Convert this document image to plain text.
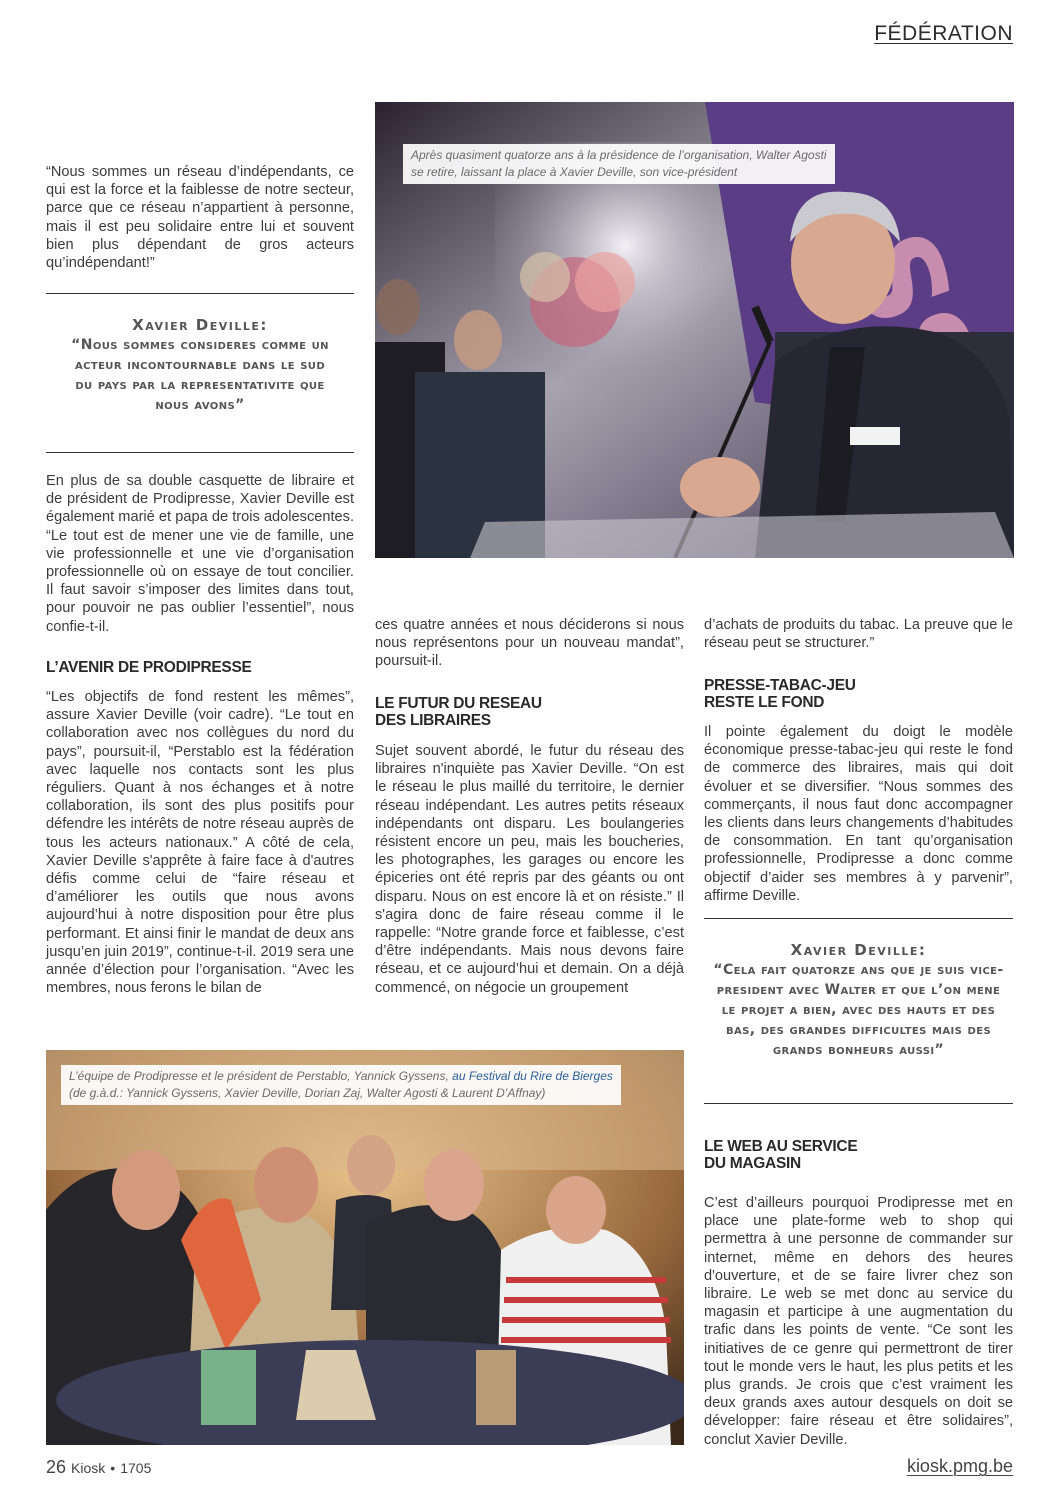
FÉDÉRATION

“Nous sommes un réseau d’indépendants, ce qui est la force et la faiblesse de notre secteur, parce que ce réseau n’appartient à personne, mais il est peu solidaire entre lui et souvent bien plus dépendant de gros acteurs qu’indépendant!”

Xavier Deville:
“Nous sommes consideres comme un acteur incontournable dans le sud du pays par la representativite que nous avons”

En plus de sa double casquette de libraire et de président de Prodipresse, Xavier Deville est également marié et papa de trois adolescentes. “Le tout est de mener une vie de famille, une vie professionnelle et une vie d’organisation professionnelle où on essaye de tout concilier. Il faut savoir s’imposer des limites dans tout, pour pouvoir ne pas oublier l’essentiel”, nous confie-t-il.

L’AVENIR DE PRODIPRESSE

“Les objectifs de fond restent les mêmes”, assure Xavier Deville (voir cadre). “Le tout en collaboration avec nos collègues du nord du pays”, poursuit-il, “Perstablo est la fédération avec laquelle nos contacts sont les plus réguliers. Quant à nos échanges et à notre collaboration, ils sont des plus positifs pour défendre les intérêts de notre réseau auprès de tous les acteurs nationaux.” A côté de cela, Xavier Deville s'apprête à faire face à d'autres défis comme celui de “faire réseau et d’améliorer les outils que nous avons aujourd’hui à notre disposition pour être plus performant. Et ainsi finir le mandat de deux ans jusqu’en juin 2019”, continue-t-il. 2019 sera une année d’élection pour l’organisation. “Avec les membres, nous ferons le bilan de

Après quasiment quatorze ans à la présidence de l’organisation, Walter Agosti
se retire, laissant la place à Xavier Deville, son vice-président

ces quatre années et nous déciderons si nous nous représentons pour un nouveau mandat”, poursuit-il.

LE FUTUR DU RESEAU
DES LIBRAIRES

Sujet souvent abordé, le futur du réseau des libraires n'inquiète pas Xavier Deville. “On est le réseau le plus maillé du territoire, le dernier réseau indépendant. Les autres petits réseaux indépendants ont disparu. Les boulangeries résistent encore un peu, mais les boucheries, les photographes, les garages ou encore les épiceries ont été repris par des géants ou ont disparu. Nous on est encore là et on résiste.” Il s'agira donc de faire réseau comme il le rappelle: “Notre grande force et faiblesse, c’est d’être indépendants. Mais nous devons faire réseau, et ce aujourd’hui et demain. On a déjà commencé, on négocie un groupement

d’achats de produits du tabac. La preuve que le réseau peut se structurer.”

PRESSE-TABAC-JEU
RESTE LE FOND

Il pointe également du doigt le modèle économique presse-tabac-jeu qui reste le fond de commerce des libraires, mais qui doit évoluer et se diversifier. “Nous sommes des commerçants, il nous faut donc accompagner les clients dans leurs changements d’habitudes de consommation. En tant qu’organisation professionnelle, Prodipresse a donc comme objectif d’aider ses membres à y parvenir”, affirme Deville.

Xavier Deville:
“Cela fait quatorze ans que je suis vice-president avec Walter et que l’on mene le projet a bien, avec des hauts et des bas, des grandes difficultes mais des grands bonheurs aussi”
LE WEB AU SERVICE
DU MAGASIN

C’est d’ailleurs pourquoi Prodipresse met en place une plate-forme web to shop qui permettra à une personne de commander sur internet, même en dehors des heures d'ouverture, et de se faire livrer chez son libraire. Le web se met donc au service du magasin et participe à une augmentation du trafic dans les points de vente. “Ce sont les initiatives de ce genre qui permettront de tirer tout le monde vers le haut, les plus petits et les plus grands. Je crois que c’est vraiment les deux grands axes autour desquels on doit se développer: faire réseau et être solidaires”, conclut Xavier Deville.

L’équipe de Prodipresse et le président de Perstablo, Yannick Gyssens, au Festival du Rire de Bierges
(de g.à.d.: Yannick Gyssens, Xavier Deville, Dorian Zaj, Walter Agosti & Laurent D’Affnay)
26 Kiosk • 1705	kiosk.pmg.be
